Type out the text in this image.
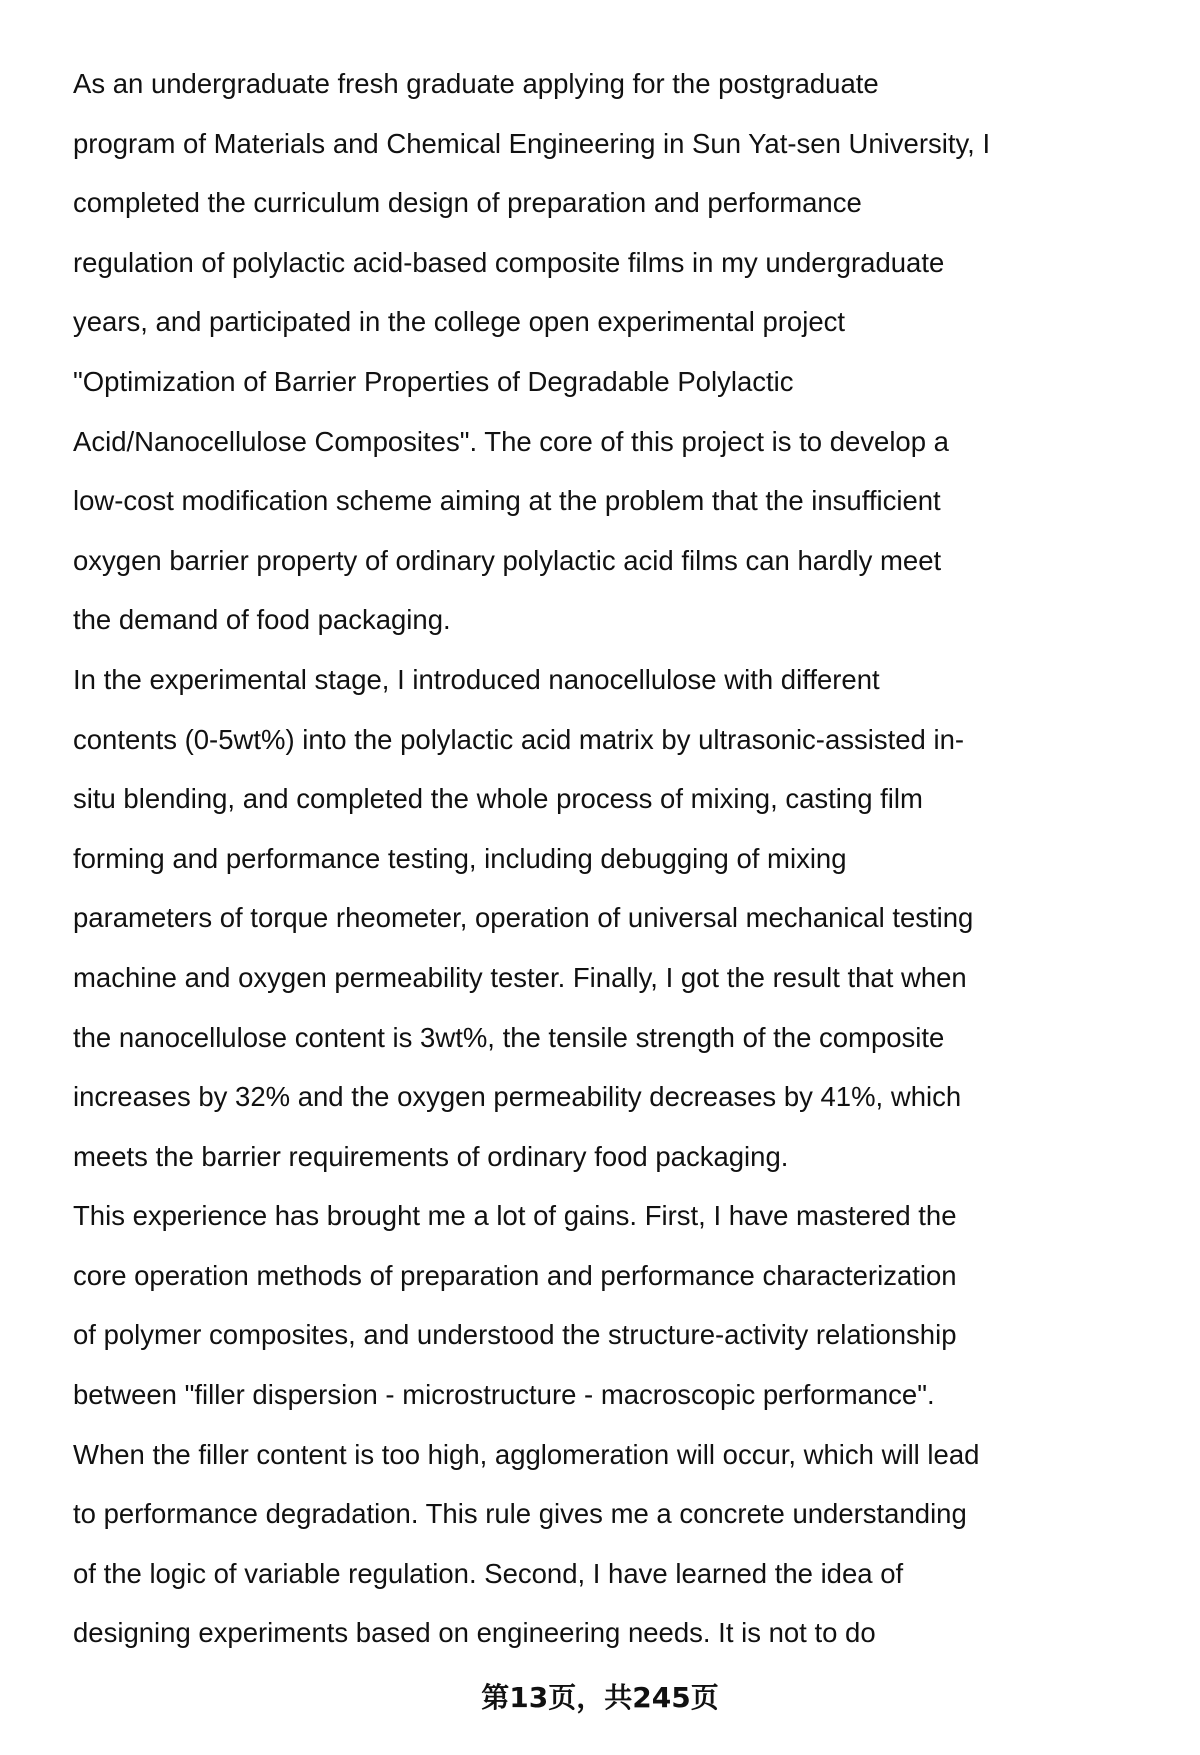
As an undergraduate fresh graduate applying for the postgraduate
program of Materials and Chemical Engineering in Sun Yat-sen University, I
completed the curriculum design of preparation and performance
regulation of polylactic acid-based composite films in my undergraduate
years, and participated in the college open experimental project
"Optimization of Barrier Properties of Degradable Polylactic
Acid/Nanocellulose Composites". The core of this project is to develop a
low-cost modification scheme aiming at the problem that the insufficient
oxygen barrier property of ordinary polylactic acid films can hardly meet
the demand of food packaging.
In the experimental stage, I introduced nanocellulose with different
contents (0-5wt%) into the polylactic acid matrix by ultrasonic-assisted in-
situ blending, and completed the whole process of mixing, casting film
forming and performance testing, including debugging of mixing
parameters of torque rheometer, operation of universal mechanical testing
machine and oxygen permeability tester. Finally, I got the result that when
the nanocellulose content is 3wt%, the tensile strength of the composite
increases by 32% and the oxygen permeability decreases by 41%, which
meets the barrier requirements of ordinary food packaging.
This experience has brought me a lot of gains. First, I have mastered the
core operation methods of preparation and performance characterization
of polymer composites, and understood the structure-activity relationship
between "filler dispersion - microstructure - macroscopic performance".
When the filler content is too high, agglomeration will occur, which will lead
to performance degradation. This rule gives me a concrete understanding
of the logic of variable regulation. Second, I have learned the idea of
designing experiments based on engineering needs. It is not to do
第13页，共245页
